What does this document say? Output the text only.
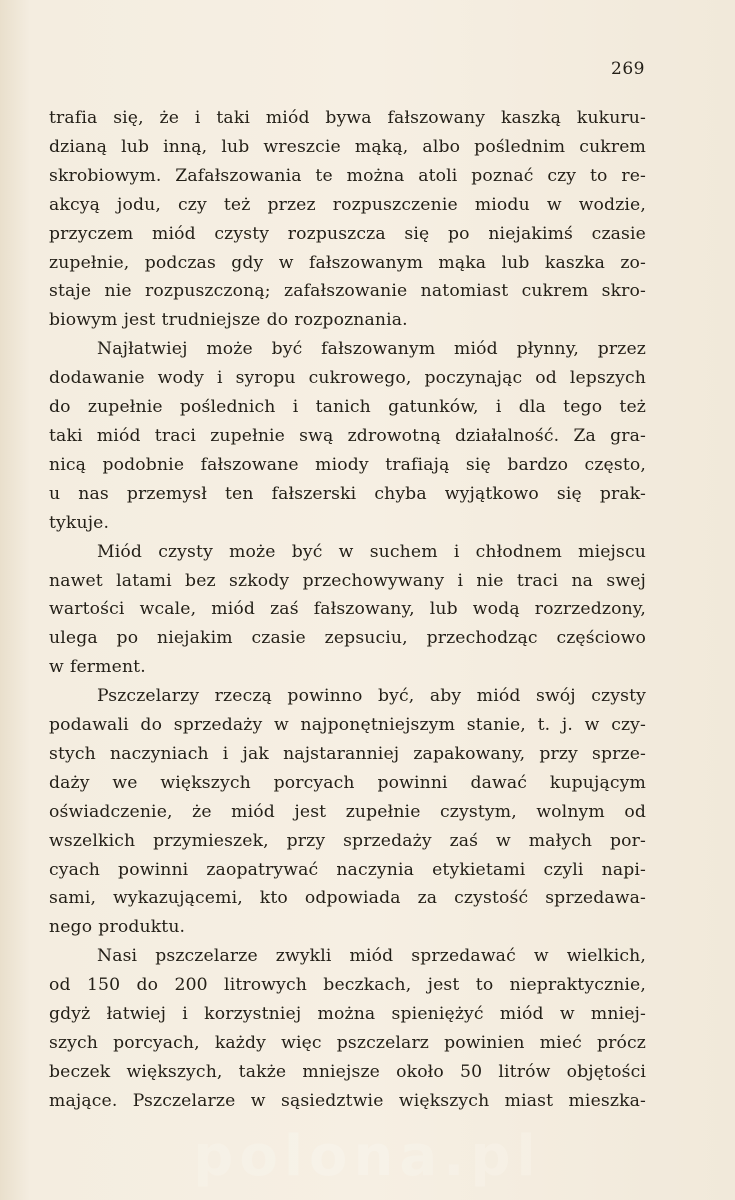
269

trafia się, że i taki miód bywa fałszowany kaszką kukuru-

dzianą lub inną, lub wreszcie mąką, albo poślednim cukrem

skrobiowym. Zafałszowania te można atoli poznać czy to re-

akcyą jodu, czy też przez rozpuszczenie miodu w wodzie,

przyczem miód czysty rozpuszcza się po niejakimś czasie

zupełnie, podczas gdy w fałszowanym mąka lub kaszka zo-

staje nie rozpuszczoną; zafałszowanie natomiast cukrem skro-

biowym jest trudniejsze do rozpoznania.

Najłatwiej może być fałszowanym miód płynny, przez

dodawanie wody i syropu cukrowego, poczynając od lepszych

do zupełnie poślednich i tanich gatunków, i dla tego też

taki miód traci zupełnie swą zdrowotną działalność. Za gra-

nicą podobnie fałszowane miody trafiają się bardzo często,

u nas przemysł ten fałszerski chyba wyjątkowo się prak-

tykuje.

Miód czysty może być w suchem i chłodnem miejscu

nawet latami bez szkody przechowywany i nie traci na swej

wartości wcale, miód zaś fałszowany, lub wodą rozrzedzony,

ulega po niejakim czasie zepsuciu, przechodząc częściowo

w ferment.

Pszczelarzy rzeczą powinno być, aby miód swój czysty

podawali do sprzedaży w najponętniejszym stanie, t. j. w czy-

stych naczyniach i jak najstaranniej zapakowany, przy sprze-

daży we większych porcyach powinni dawać kupującym

oświadczenie, że miód jest zupełnie czystym, wolnym od

wszelkich przymieszek, przy sprzedaży zaś w małych por-

cyach powinni zaopatrywać naczynia etykietami czyli napi-

sami, wykazującemi, kto odpowiada za czystość sprzedawa-

nego produktu.

Nasi pszczelarze zwykli miód sprzedawać w wielkich,

od 150 do 200 litrowych beczkach, jest to niepraktycznie,

gdyż łatwiej i korzystniej można spieniężyć miód w mniej-

szych porcyach, każdy więc pszczelarz powinien mieć prócz

beczek większych, także mniejsze około 50 litrów objętości

mające. Pszczelarze w sąsiedztwie większych miast mieszka-

polona.pl
